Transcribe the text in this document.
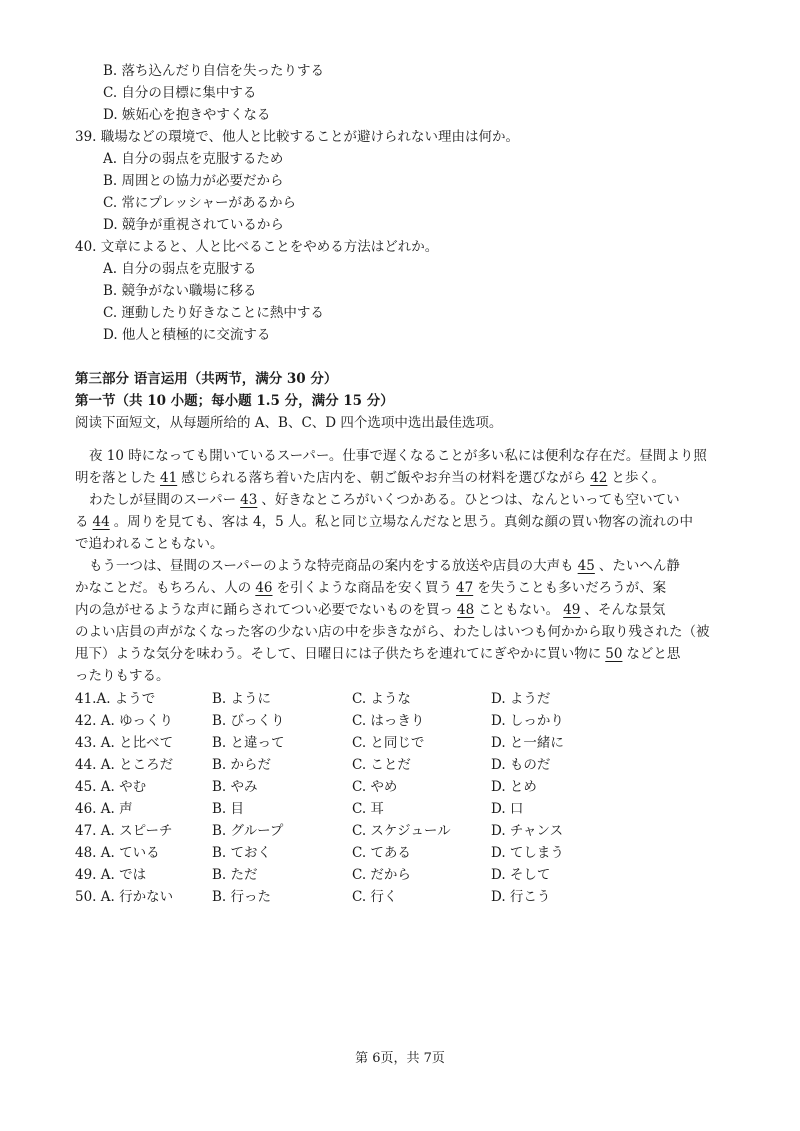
B. 落ち込んだり自信を失ったりする
C. 自分の目標に集中する
D. 嫉妬心を抱きやすくなる
39. 職場などの環境で、他人と比較することが避けられない理由は何か。
A. 自分の弱点を克服するため
B. 周囲との協力が必要だから
C. 常にプレッシャーがあるから
D. 競争が重視されているから
40. 文章によると、人と比べることをやめる方法はどれか。
A. 自分の弱点を克服する
B. 競争がない職場に移る
C. 運動したり好きなことに熱中する
D. 他人と積極的に交流する
第三部分 语言运用（共两节，满分 30 分）
第一节（共 10 小题；每小题 1.5 分，满分 15 分）
阅读下面短文，从每题所给的 A、B、C、D 四个选项中选出最佳选项。
夜 10 時になっても開いているスーパー。仕事で遅くなることが多い私には便利な存在だ。昼間より照
明を落とした 41 感じられる落ち着いた店内を、朝ご飯やお弁当の材料を選びながら 42 と歩く。
わたしが昼間のスーパー 43 、好きなところがいくつかある。ひとつは、なんといっても空いてい
る 44 。周りを見ても、客は 4，5 人。私と同じ立場なんだなと思う。真剣な顔の買い物客の流れの中
で追われることもない。
もう一つは、昼間のスーパーのような特売商品の案内をする放送や店員の大声も 45 、たいへん静
かなことだ。もちろん、人の 46 を引くような商品を安く買う 47 を失うことも多いだろうが、案
内の急がせるような声に踊らされてつい必要でないものを買っ 48 こともない。 49 、そんな景気
のよい店員の声がなくなった客の少ない店の中を歩きながら、わたしはいつも何かから取り残された（被
甩下）ような気分を味わう。そして、日曜日には子供たちを連れてにぎやかに買い物に 50 などと思
ったりもする。
41.A. ようで	B. ように	C. ような	D. ようだ
42. A. ゆっくり	B. びっくり	C. はっきり	D. しっかり
43. A. と比べて	B. と違って	C. と同じで	D. と一緒に
44. A. ところだ	B. からだ	C. ことだ	D. ものだ
45. A. やむ	B. やみ	C. やめ	D. とめ
46. A. 声	B. 目	C. 耳	D. 口
47. A. スピーチ	B. グループ	C. スケジュール	D. チャンス
48. A. ている	B. ておく	C. てある	D. てしまう
49. A. では	B. ただ	C. だから	D. そして
50. A. 行かない	B. 行った	C. 行く	D. 行こう
第 6页，共 7页
